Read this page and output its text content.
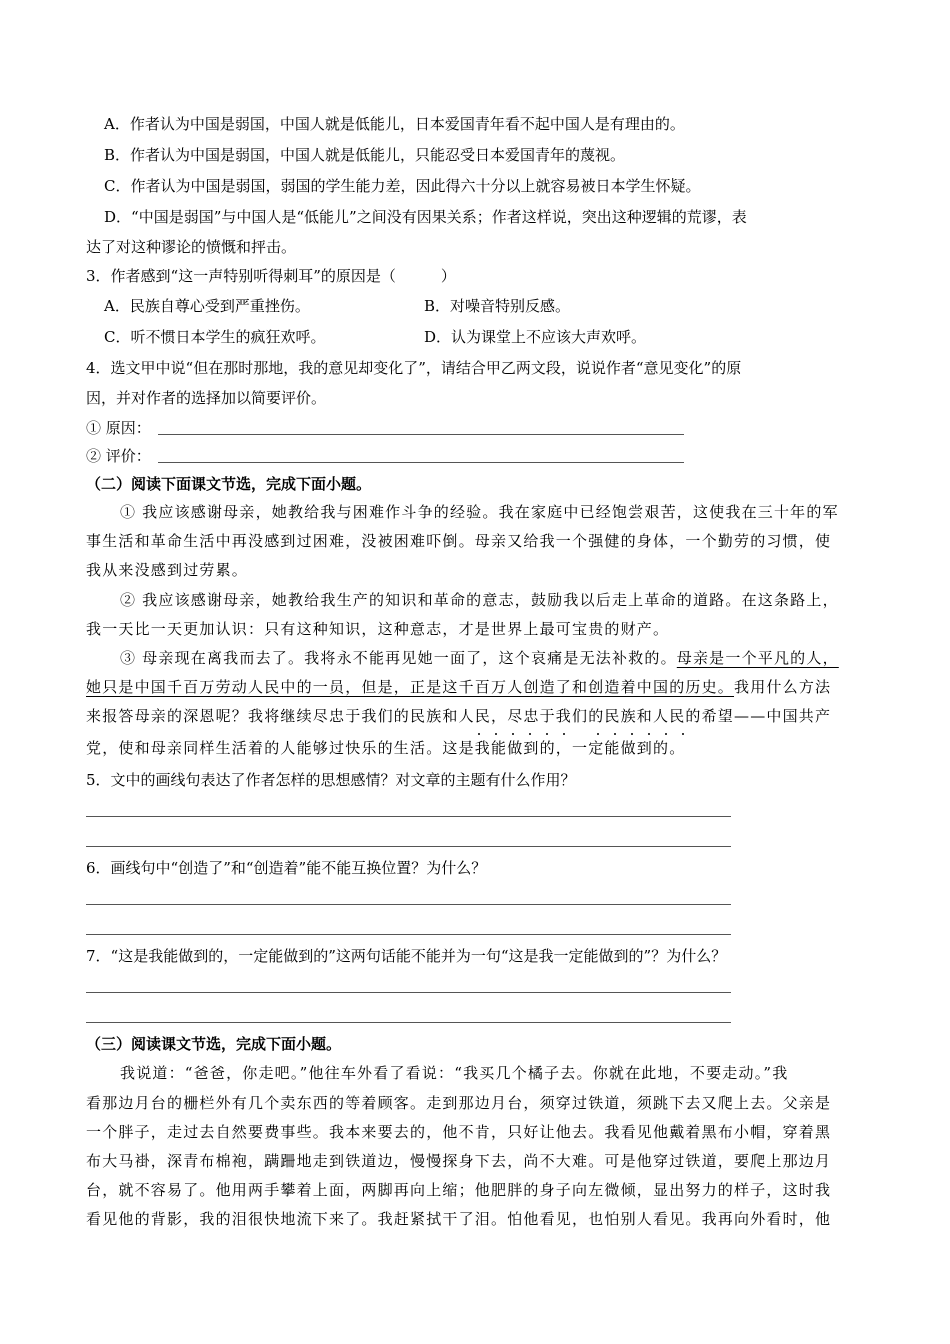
A．作者认为中国是弱国，中国人就是低能儿，日本爱国青年看不起中国人是有理由的。
B．作者认为中国是弱国，中国人就是低能儿，只能忍受日本爱国青年的蔑视。
C．作者认为中国是弱国，弱国的学生能力差，因此得六十分以上就容易被日本学生怀疑。
D．“中国是弱国”与中国人是“低能儿”之间没有因果关系；作者这样说，突出这种逻辑的荒谬，表
达了对这种谬论的愤慨和抨击。
3．作者感到“这一声特别听得刺耳”的原因是（　　　）
A．民族自尊心受到严重挫伤。	B．对噪音特别反感。
C．听不惯日本学生的疯狂欢呼。	D．认为课堂上不应该大声欢呼。
4．选文甲中说“但在那时那地，我的意见却变化了”，请结合甲乙两文段，说说作者“意见变化”的原
因，并对作者的选择加以简要评价。
① 原因：
② 评价：
（二）阅读下面课文节选，完成下面小题。
① 我应该感谢母亲，她教给我与困难作斗争的经验。我在家庭中已经饱尝艰苦，这使我在三十年的军
事生活和革命生活中再没感到过困难，没被困难吓倒。母亲又给我一个强健的身体，一个勤劳的习惯，使
我从来没感到过劳累。
② 我应该感谢母亲，她教给我生产的知识和革命的意志，鼓励我以后走上革命的道路。在这条路上，
我一天比一天更加认识：只有这种知识，这种意志，才是世界上最可宝贵的财产。
③ 母亲现在离我而去了。我将永不能再见她一面了，这个哀痛是无法补救的。母亲是一个平凡的人，
她只是中国千百万劳动人民中的一员，但是，正是这千百万人创造了和创造着中国的历史。我用什么方法
来报答母亲的深恩呢？我将继续尽忠于我们的民族和人民，尽忠于我们的民族和人民的希望——中国共产
党，使和母亲同样生活着的人能够过快乐的生活。这是我能做到的，一定能做到的。
5．文中的画线句表达了作者怎样的思想感情？对文章的主题有什么作用？
6．画线句中“创造了”和“创造着”能不能互换位置？为什么？
7．“这是我能做到的，一定能做到的”这两句话能不能并为一句“这是我一定能做到的”？为什么？
（三）阅读课文节选，完成下面小题。
我说道：“爸爸，你走吧。”他往车外看了看说：“我买几个橘子去。你就在此地，不要走动。”我
看那边月台的栅栏外有几个卖东西的等着顾客。走到那边月台，须穿过铁道，须跳下去又爬上去。父亲是
一个胖子，走过去自然要费事些。我本来要去的，他不肯，只好让他去。我看见他戴着黑布小帽，穿着黑
布大马褂，深青布棉袍，蹒跚地走到铁道边，慢慢探身下去，尚不大难。可是他穿过铁道，要爬上那边月
台，就不容易了。他用两手攀着上面，两脚再向上缩；他肥胖的身子向左微倾，显出努力的样子，这时我
看见他的背影，我的泪很快地流下来了。我赶紧拭干了泪。怕他看见，也怕别人看见。我再向外看时，他
